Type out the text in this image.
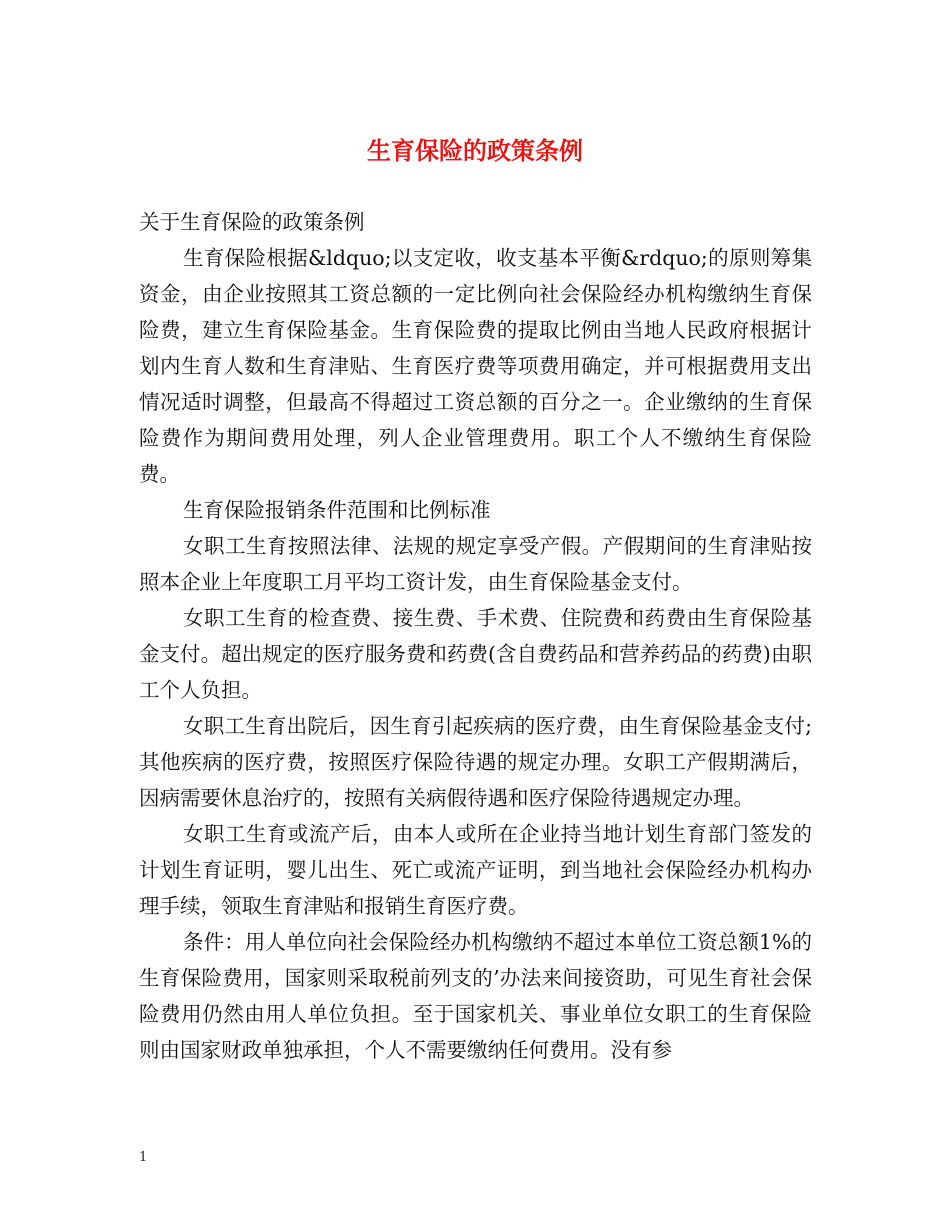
生育保险的政策条例

关于生育保险的政策条例

生育保险根据&ldquo;以支定收，收支基本平衡&rdquo;的原则筹集资金，由企业按照其工资总额的一定比例向社会保险经办机构缴纳生育保险费，建立生育保险基金。生育保险费的提取比例由当地人民政府根据计划内生育人数和生育津贴、生育医疗费等项费用确定，并可根据费用支出情况适时调整，但最高不得超过工资总额的百分之一。企业缴纳的生育保险费作为期间费用处理，列人企业管理费用。职工个人不缴纳生育保险费。

生育保险报销条件范围和比例标准

女职工生育按照法律、法规的规定享受产假。产假期间的生育津贴按照本企业上年度职工月平均工资计发，由生育保险基金支付。

女职工生育的检查费、接生费、手术费、住院费和药费由生育保险基金支付。超出规定的医疗服务费和药费(含自费药品和营养药品的药费)由职工个人负担。

女职工生育出院后，因生育引起疾病的医疗费，由生育保险基金支付;其他疾病的医疗费，按照医疗保险待遇的规定办理。女职工产假期满后，因病需要休息治疗的，按照有关病假待遇和医疗保险待遇规定办理。

女职工生育或流产后，由本人或所在企业持当地计划生育部门签发的计划生育证明，婴儿出生、死亡或流产证明，到当地社会保险经办机构办理手续，领取生育津贴和报销生育医疗费。

条件：用人单位向社会保险经办机构缴纳不超过本单位工资总额1%的生育保险费用，国家则采取税前列支的’办法来间接资助，可见生育社会保险费用仍然由用人单位负担。至于国家机关、事业单位女职工的生育保险则由国家财政单独承担，个人不需要缴纳任何费用。没有参

1
